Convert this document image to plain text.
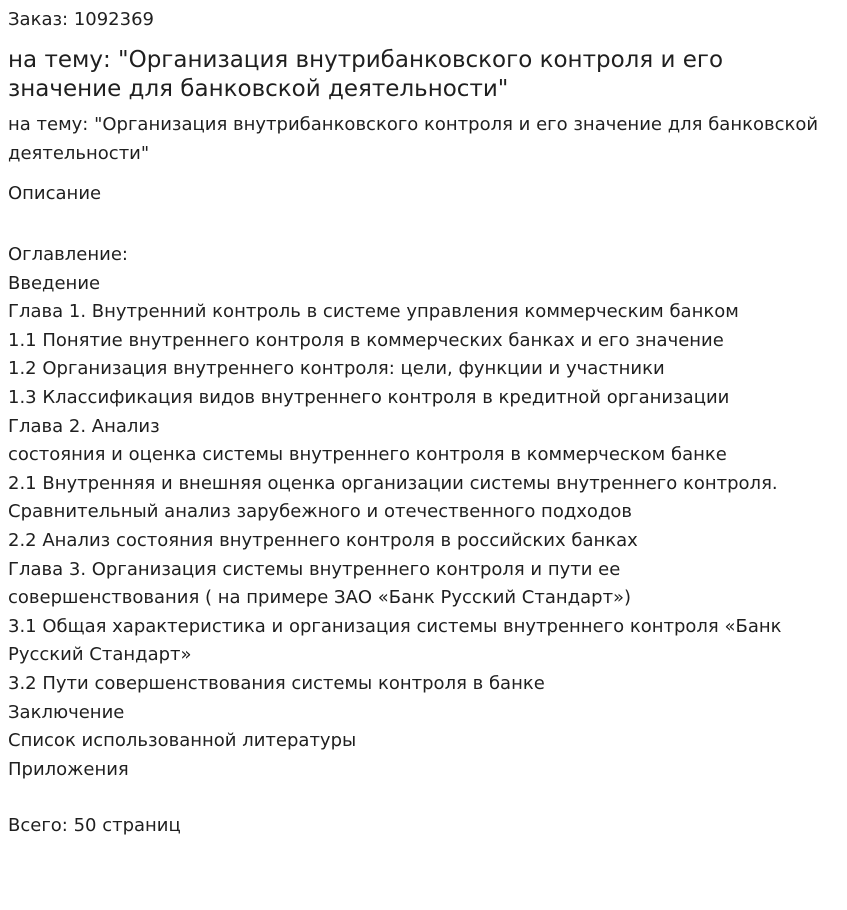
Заказ: 1092369

на тему: "Организация внутрибанковского контроля и его значение для банковской деятельности"

на тему: "Организация внутрибанковского контроля и его значение для банковской деятельности"

Описание

Оглавление:
Введение
Глава 1. Внутренний контроль в системе управления коммерческим банком
1.1 Понятие внутреннего контроля в коммерческих банках и его значение
1.2 Организация внутреннего контроля: цели, функции и участники
1.3 Классификация видов внутреннего контроля в кредитной организации
Глава 2. Анализ
состояния и оценка системы внутреннего контроля в коммерческом банке
2.1 Внутренняя и внешняя оценка организации системы внутреннего контроля.
Сравнительный анализ зарубежного и отечественного подходов
2.2 Анализ состояния внутреннего контроля в российских банках
Глава 3. Организация системы внутреннего контроля и пути ее
совершенствования ( на примере ЗАО «Банк Русский Стандарт»)
3.1 Общая характеристика и организация системы внутреннего контроля «Банк Русский Стандарт»
3.2 Пути совершенствования системы контроля в банке
Заключение
Список использованной литературы
Приложения

Всего: 50 страниц
